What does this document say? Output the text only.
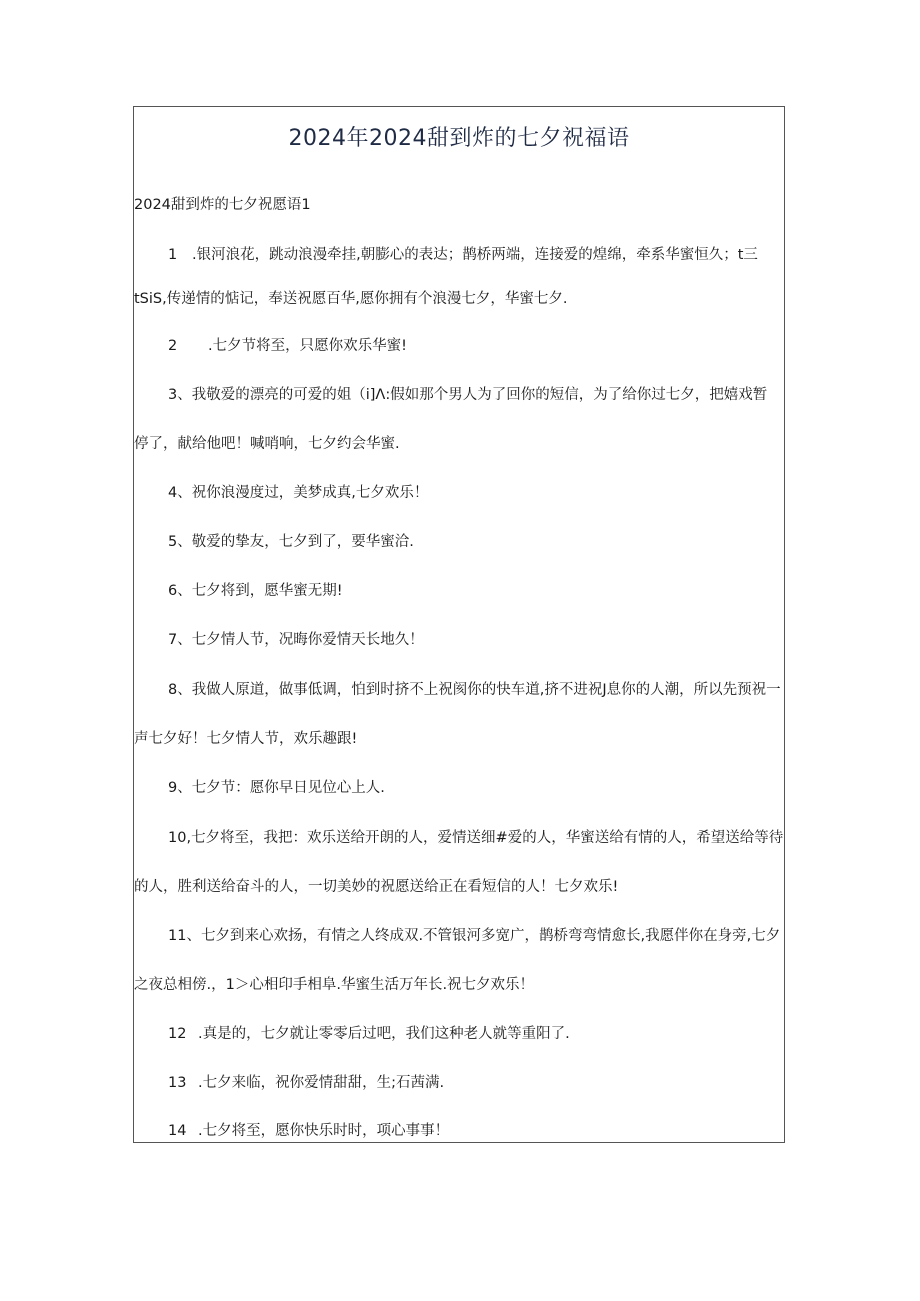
2024年2024甜到炸的七夕祝福语

2024甜到炸的七夕祝愿语1

1 .银河浪花，跳动浪漫牵挂,朝膨心的表达；鹊桥两端，连接爱的煌绵，牵系华蜜恒久；t三

tSiS,传递情的惦记，奉送祝愿百华,愿你拥有个浪漫七夕，华蜜七夕.

2 .七夕节将至，只愿你欢乐华蜜!

3、我敬爱的漂亮的可爱的姐（i]Λ:假如那个男人为了回你的短信，为了给你过七夕，把嬉戏暂

停了，献给他吧！喊哨响，七夕约会华蜜.

4、祝你浪漫度过，美梦成真,七夕欢乐！

5、敬爱的挚友，七夕到了，要华蜜洽.

6、七夕将到，愿华蜜无期!

7、七夕情人节，况晦你爱情天长地久！

8、我做人原道，做事低调，怕到时挤不上祝阂你的快车道,挤不进祝J息你的人潮，所以先预祝一

声七夕好！七夕情人节，欢乐趣跟!

9、七夕节：愿你早日见位心上人.

10,七夕将至，我把：欢乐送给开朗的人，爱情送细#爱的人，华蜜送给有情的人，希望送给等待

的人，胜利送给奋斗的人，一切美妙的祝愿送给正在看短信的人！七夕欢乐!

11、七夕到来心欢扬，有情之人终成双.不管银河多宽广，鹊桥弯弯情愈长,我愿伴你在身旁,七夕

之夜总相傍.，1＞心相印手相阜.华蜜生活万年长.祝七夕欢乐！

12 .真是的，七夕就让零零后过吧，我们这种老人就等重阳了.

13 .七夕来临，祝你爱情甜甜，生;石茜满.

14 .七夕将至，愿你快乐时时，项心事事！
